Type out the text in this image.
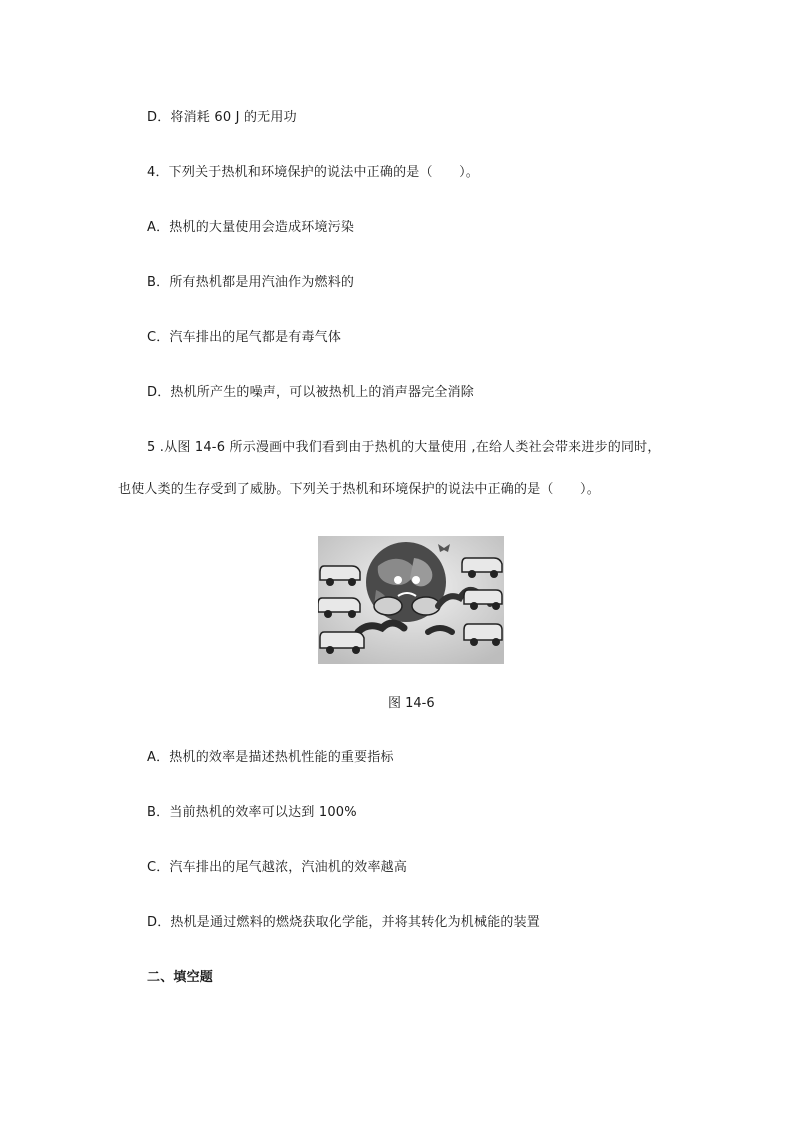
D．将消耗 60 J 的无用功
4．下列关于热机和环境保护的说法中正确的是（　　）。
A．热机的大量使用会造成环境污染
B．所有热机都是用汽油作为燃料的
C．汽车排出的尾气都是有毒气体
D．热机所产生的噪声，可以被热机上的消声器完全消除
5 .从图 14-6 所示漫画中我们看到由于热机的大量使用 ,在给人类社会带来进步的同时，
也使人类的生存受到了威胁。下列关于热机和环境保护的说法中正确的是（　　）。
图 14-6
A．热机的效率是描述热机性能的重要指标
B．当前热机的效率可以达到 100%
C．汽车排出的尾气越浓，汽油机的效率越高
D．热机是通过燃料的燃烧获取化学能，并将其转化为机械能的装置
二、填空题
